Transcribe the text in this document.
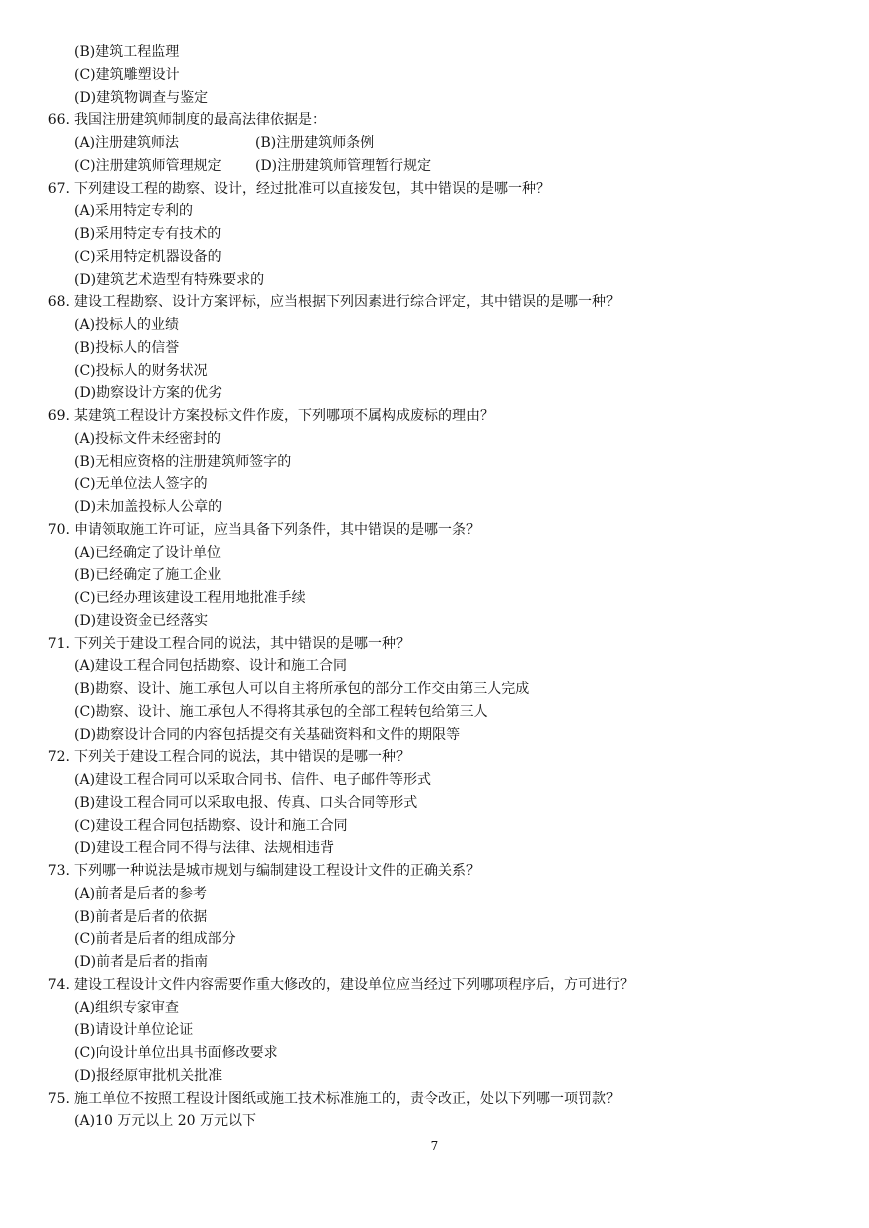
(B)建筑工程监理
(C)建筑雕塑设计
(D)建筑物调查与鉴定
66. 我国注册建筑师制度的最高法律依据是：
(A)注册建筑师法	(B)注册建筑师条例
(C)注册建筑师管理规定 (D)注册建筑师管理暂行规定
67. 下列建设工程的勘察、设计，经过批准可以直接发包，其中错误的是哪一种？
(A)采用特定专利的
(B)采用特定专有技术的
(C)采用特定机器设备的
(D)建筑艺术造型有特殊要求的
68. 建设工程勘察、设计方案评标，应当根据下列因素进行综合评定，其中错误的是哪一种？
(A)投标人的业绩
(B)投标人的信誉
(C)投标人的财务状况
(D)勘察设计方案的优劣
69. 某建筑工程设计方案投标文件作废，下列哪项不属构成废标的理由？
(A)投标文件未经密封的
(B)无相应资格的注册建筑师签字的
(C)无单位法人签字的
(D)未加盖投标人公章的
70. 申请领取施工许可证，应当具备下列条件，其中错误的是哪一条？
(A)已经确定了设计单位
(B)已经确定了施工企业
(C)已经办理该建设工程用地批准手续
(D)建设资金已经落实
71. 下列关于建设工程合同的说法，其中错误的是哪一种？
(A)建设工程合同包括勘察、设计和施工合同
(B)勘察、设计、施工承包人可以自主将所承包的部分工作交由第三人完成
(C)勘察、设计、施工承包人不得将其承包的全部工程转包给第三人
(D)勘察设计合同的内容包括提交有关基础资料和文件的期限等
72. 下列关于建设工程合同的说法，其中错误的是哪一种？
(A)建设工程合同可以采取合同书、信件、电子邮件等形式
(B)建设工程合同可以采取电报、传真、口头合同等形式
(C)建设工程合同包括勘察、设计和施工合同
(D)建设工程合同不得与法律、法规相违背
73. 下列哪一种说法是城市规划与编制建设工程设计文件的正确关系？
(A)前者是后者的参考
(B)前者是后者的依据
(C)前者是后者的组成部分
(D)前者是后者的指南
74. 建设工程设计文件内容需要作重大修改的，建设单位应当经过下列哪项程序后，方可进行？
(A)组织专家审查
(B)请设计单位论证
(C)向设计单位出具书面修改要求
(D)报经原审批机关批准
75. 施工单位不按照工程设计图纸或施工技术标准施工的，责令改正，处以下列哪一项罚款？
(A)10 万元以上 20 万元以下
7
